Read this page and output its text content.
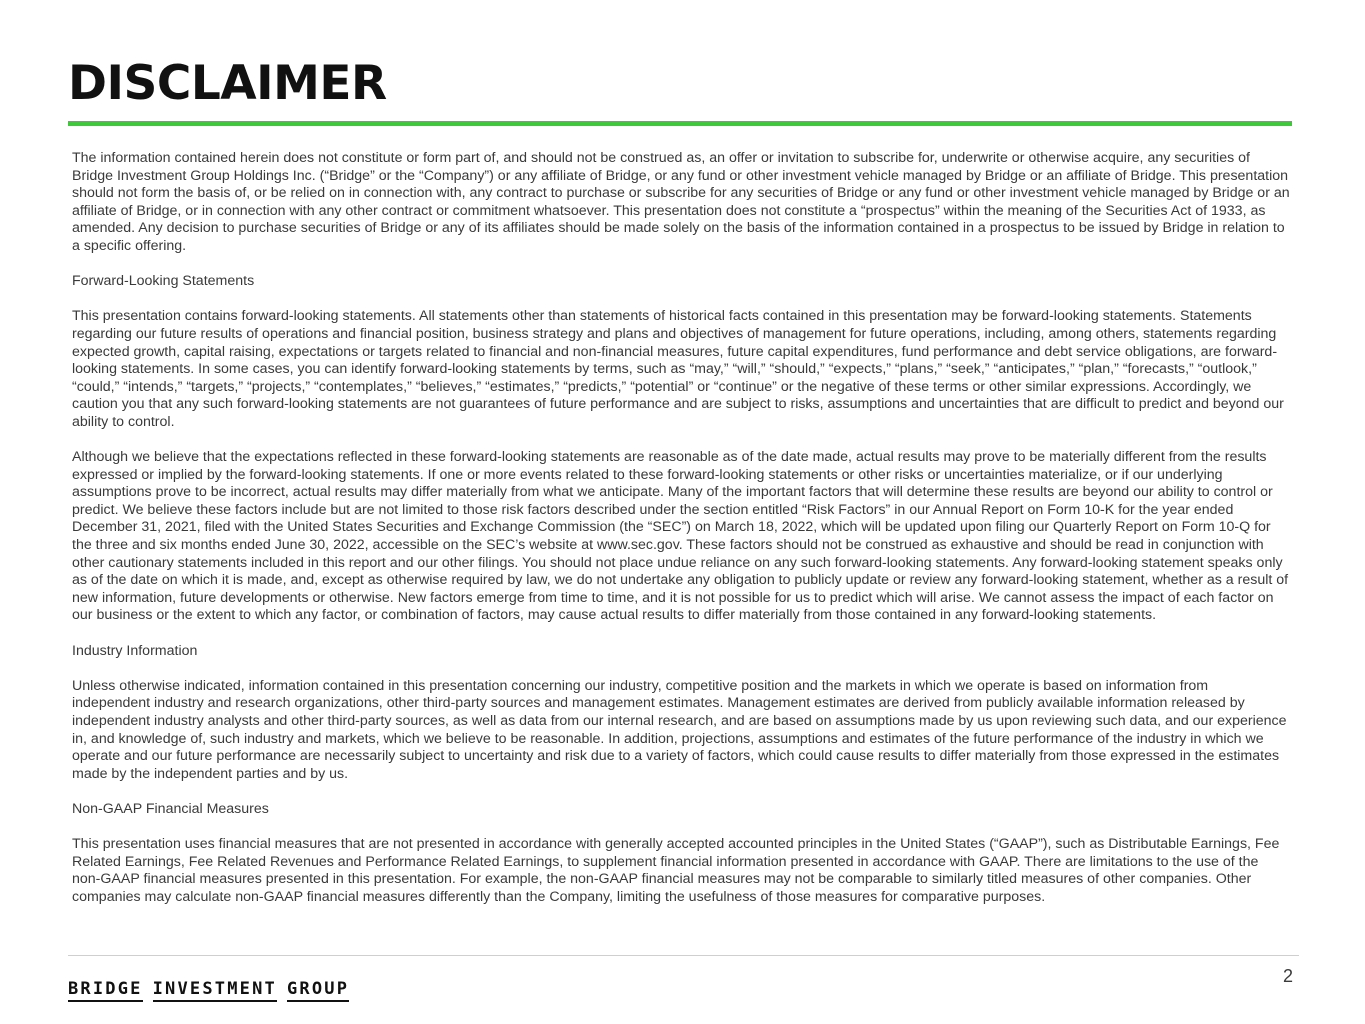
DISCLAIMER

The information contained herein does not constitute or form part of, and should not be construed as, an offer or invitation to subscribe for, underwrite or otherwise acquire, any securities of Bridge Investment Group Holdings Inc. (“Bridge” or the “Company”) or any affiliate of Bridge, or any fund or other investment vehicle managed by Bridge or an affiliate of Bridge. This presentation should not form the basis of, or be relied on in connection with, any contract to purchase or subscribe for any securities of Bridge or any fund or other investment vehicle managed by Bridge or an affiliate of Bridge, or in connection with any other contract or commitment whatsoever. This presentation does not constitute a “prospectus” within the meaning of the Securities Act of 1933, as amended. Any decision to purchase securities of Bridge or any of its affiliates should be made solely on the basis of the information contained in a prospectus to be issued by Bridge in relation to a specific offering.

Forward-Looking Statements

This presentation contains forward-looking statements. All statements other than statements of historical facts contained in this presentation may be forward-looking statements. Statements regarding our future results of operations and financial position, business strategy and plans and objectives of management for future operations, including, among others, statements regarding expected growth, capital raising, expectations or targets related to financial and non-financial measures, future capital expenditures, fund performance and debt service obligations, are forward-looking statements. In some cases, you can identify forward-looking statements by terms, such as “may,” “will,” “should,” “expects,” “plans,” “seek,” “anticipates,” “plan,” “forecasts,” “outlook,” “could,” “intends,” “targets,” “projects,” “contemplates,” “believes,” “estimates,” “predicts,” “potential” or “continue” or the negative of these terms or other similar expressions. Accordingly, we caution you that any such forward-looking statements are not guarantees of future performance and are subject to risks, assumptions and uncertainties that are difficult to predict and beyond our ability to control.

Although we believe that the expectations reflected in these forward-looking statements are reasonable as of the date made, actual results may prove to be materially different from the results expressed or implied by the forward-looking statements. If one or more events related to these forward-looking statements or other risks or uncertainties materialize, or if our underlying assumptions prove to be incorrect, actual results may differ materially from what we anticipate. Many of the important factors that will determine these results are beyond our ability to control or predict. We believe these factors include but are not limited to those risk factors described under the section entitled “Risk Factors” in our Annual Report on Form 10-K for the year ended December 31, 2021, filed with the United States Securities and Exchange Commission (the “SEC”) on March 18, 2022, which will be updated upon filing our Quarterly Report on Form 10-Q for the three and six months ended June 30, 2022, accessible on the SEC’s website at www.sec.gov. These factors should not be construed as exhaustive and should be read in conjunction with other cautionary statements included in this report and our other filings. You should not place undue reliance on any such forward-looking statements. Any forward-looking statement speaks only as of the date on which it is made, and, except as otherwise required by law, we do not undertake any obligation to publicly update or review any forward-looking statement, whether as a result of new information, future developments or otherwise. New factors emerge from time to time, and it is not possible for us to predict which will arise. We cannot assess the impact of each factor on our business or the extent to which any factor, or combination of factors, may cause actual results to differ materially from those contained in any forward-looking statements.

Industry Information

Unless otherwise indicated, information contained in this presentation concerning our industry, competitive position and the markets in which we operate is based on information from independent industry and research organizations, other third-party sources and management estimates. Management estimates are derived from publicly available information released by independent industry analysts and other third-party sources, as well as data from our internal research, and are based on assumptions made by us upon reviewing such data, and our experience in, and knowledge of, such industry and markets, which we believe to be reasonable. In addition, projections, assumptions and estimates of the future performance of the industry in which we operate and our future performance are necessarily subject to uncertainty and risk due to a variety of factors, which could cause results to differ materially from those expressed in the estimates made by the independent parties and by us.

Non-GAAP Financial Measures

This presentation uses financial measures that are not presented in accordance with generally accepted accounted principles in the United States (“GAAP”), such as Distributable Earnings, Fee Related Earnings, Fee Related Revenues and Performance Related Earnings, to supplement financial information presented in accordance with GAAP. There are limitations to the use of the non-GAAP financial measures presented in this presentation. For example, the non-GAAP financial measures may not be comparable to similarly titled measures of other companies. Other companies may calculate non-GAAP financial measures differently than the Company, limiting the usefulness of those measures for comparative purposes.

BRIDGE INVESTMENT GROUP
2
